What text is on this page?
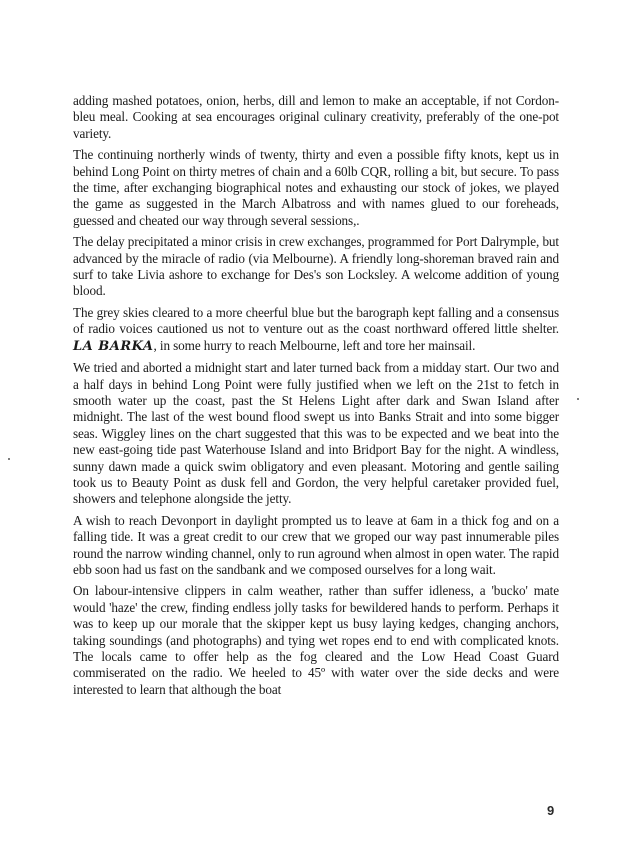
adding mashed potatoes, onion, herbs, dill and lemon to make an acceptable, if not Cordon-bleu meal. Cooking at sea encourages original culinary creativity, preferably of the one-pot variety.

The continuing northerly winds of twenty, thirty and even a possible fifty knots, kept us in behind Long Point on thirty metres of chain and a 60lb CQR, rolling a bit, but secure. To pass the time, after exchanging biographical notes and exhausting our stock of jokes, we played the game as suggested in the March Albatross and with names glued to our foreheads, guessed and cheated our way through several sessions,.

The delay precipitated a minor crisis in crew exchanges, programmed for Port Dalrymple, but advanced by the miracle of radio (via Melbourne). A friendly long-shoreman braved rain and surf to take Livia ashore to exchange for Des's son Locksley. A welcome addition of young blood.

The grey skies cleared to a more cheerful blue but the barograph kept falling and a consensus of radio voices cautioned us not to venture out as the coast northward offered little shelter. LA BARKA, in some hurry to reach Melbourne, left and tore her mainsail.

We tried and aborted a midnight start and later turned back from a midday start. Our two and a half days in behind Long Point were fully justified when we left on the 21st to fetch in smooth water up the coast, past the St Helens Light after dark and Swan Island after midnight. The last of the west bound flood swept us into Banks Strait and into some bigger seas. Wiggley lines on the chart suggested that this was to be expected and we beat into the new east-going tide past Waterhouse Island and into Bridport Bay for the night. A windless, sunny dawn made a quick swim obligatory and even pleasant. Motoring and gentle sailing took us to Beauty Point as dusk fell and Gordon, the very helpful caretaker provided fuel, showers and telephone alongside the jetty.

A wish to reach Devonport in daylight prompted us to leave at 6am in a thick fog and on a falling tide. It was a great credit to our crew that we groped our way past innumerable piles round the narrow winding channel, only to run aground when almost in open water. The rapid ebb soon had us fast on the sandbank and we composed ourselves for a long wait.

On labour-intensive clippers in calm weather, rather than suffer idleness, a 'bucko' mate would 'haze' the crew, finding endless jolly tasks for bewildered hands to perform. Perhaps it was to keep up our morale that the skipper kept us busy laying kedges, changing anchors, taking soundings (and photographs) and tying wet ropes end to end with complicated knots. The locals came to offer help as the fog cleared and the Low Head Coast Guard commiserated on the radio. We heeled to 45º with water over the side decks and were interested to learn that although the boat

9
